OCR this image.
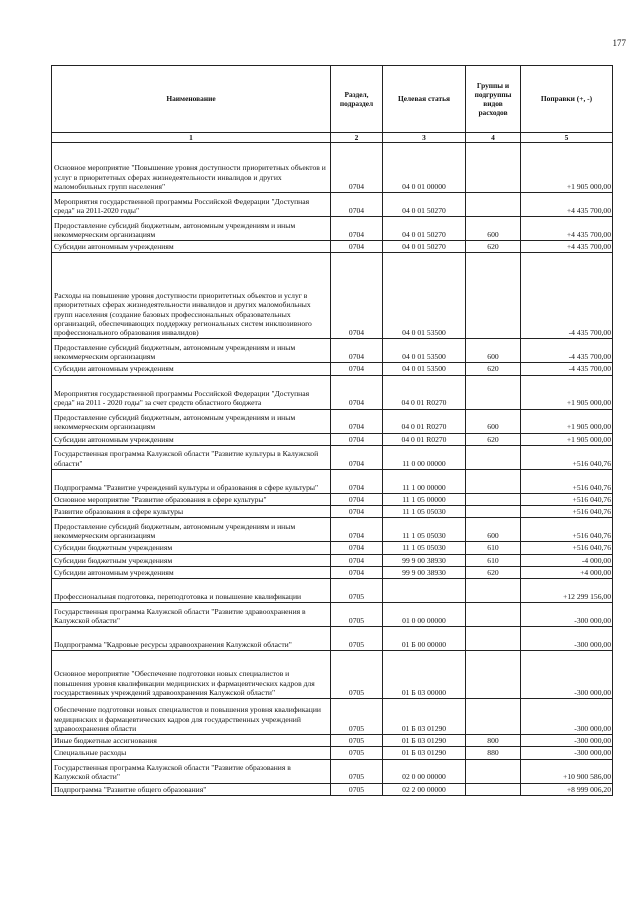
177
Наименование	Раздел, подраздел	Целевая статья	Группы и подгруппы видов расходов	Поправки (+, -)
1	2	3	4	5
Основное мероприятие "Повышение уровня доступности приоритетных объектов и услуг в приоритетных сферах жизнедеятельности инвалидов и других маломобильных групп населения"	0704	04 0 01 00000		+1 905 000,00
Мероприятия государственной программы Российской Федерации "Доступная среда" на 2011-2020 годы"	0704	04 0 01 50270		+4 435 700,00
Предоставление субсидий бюджетным, автономным учреждениям и иным некоммерческим организациям	0704	04 0 01 50270	600	+4 435 700,00
Субсидии автономным учреждениям	0704	04 0 01 50270	620	+4 435 700,00
Расходы на повышение уровня доступности приоритетных объектов и услуг в приоритетных сферах жизнедеятельности инвалидов и других маломобильных групп населения (создание базовых профессиональных образовательных организаций, обеспечивающих поддержку региональных систем инклюзивного профессионального образования инвалидов)	0704	04 0 01 53500		-4 435 700,00
Предоставление субсидий бюджетным, автономным учреждениям и иным некоммерческим организациям	0704	04 0 01 53500	600	-4 435 700,00
Субсидии автономным учреждениям	0704	04 0 01 53500	620	-4 435 700,00
Мероприятия государственной программы Российской Федерации "Доступная среда" на 2011 - 2020 годы" за счет средств областного бюджета	0704	04 0 01 R0270		+1 905 000,00
Предоставление субсидий бюджетным, автономным учреждениям и иным некоммерческим организациям	0704	04 0 01 R0270	600	+1 905 000,00
Субсидии автономным учреждениям	0704	04 0 01 R0270	620	+1 905 000,00
Государственная программа Калужской области "Развитие культуры в Калужской области"	0704	11 0 00 00000		+516 040,76
Подпрограмма "Развитие учреждений культуры и образования в сфере культуры"	0704	11 1 00 00000		+516 040,76
Основное мероприятие "Развитие образования в сфере культуры"	0704	11 1 05 00000		+516 040,76
Развитие образования в сфере культуры	0704	11 1 05 05030		+516 040,76
Предоставление субсидий бюджетным, автономным учреждениям и иным некоммерческим организациям	0704	11 1 05 05030	600	+516 040,76
Субсидии бюджетным учреждениям	0704	11 1 05 05030	610	+516 040,76
Субсидии бюджетным учреждениям	0704	99 9 00 38930	610	-4 000,00
Субсидии автономным учреждениям	0704	99 9 00 38930	620	+4 000,00
Профессиональная подготовка, переподготовка и повышение квалификации	0705			+12 299 156,00
Государственная программа Калужской области "Развитие здравоохранения в Калужской области"	0705	01 0 00 00000		-300 000,00
Подпрограмма "Кадровые ресурсы здравоохранения Калужской области"	0705	01 Б 00 00000		-300 000,00
Основное мероприятие "Обеспечение подготовки новых специалистов и повышения уровня квалификации медицинских и фармацевтических кадров для государственных учреждений здравоохранения Калужской области"	0705	01 Б 03 00000		-300 000,00
Обеспечение подготовки новых специалистов и повышения уровня квалификации медицинских и фармацевтических кадров для государственных учреждений здравоохранения области	0705	01 Б 03 01290		-300 000,00
Иные бюджетные ассигнования	0705	01 Б 03 01290	800	-300 000,00
Специальные расходы	0705	01 Б 03 01290	880	-300 000,00
Государственная программа Калужской области "Развитие образования в Калужской области"	0705	02 0 00 00000		+10 900 586,00
Подпрограмма "Развитие общего образования"	0705	02 2 00 00000		+8 999 006,20
